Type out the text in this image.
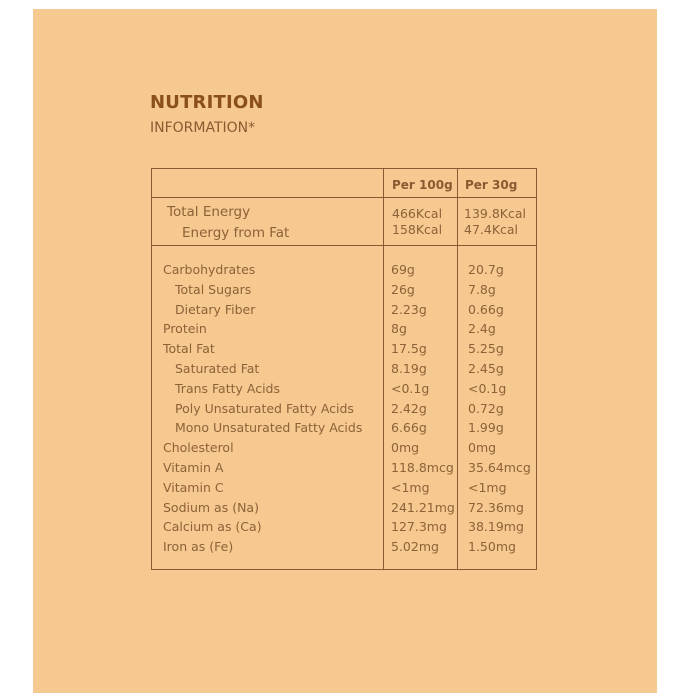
NUTRITION
INFORMATION*
Per 100g Per 30g
Total Energy	466Kcal 139.8Kcal
Energy from Fat	158Kcal 47.4Kcal
Carbohydrates	69g	20.7g
Total Sugars	26g	7.8g
Dietary Fiber	2.23g	0.66g
Protein	8g	2.4g
Total Fat	17.5g	5.25g
Saturated Fat	8.19g	2.45g
Trans Fatty Acids	<0.1g	<0.1g
Poly Unsaturated Fatty Acids	2.42g	0.72g
Mono Unsaturated Fatty Acids 6.66g	1.99g
Cholesterol	0mg	0mg
Vitamin A	118.8mcg 35.64mcg
Vitamin C	<1mg	<1mg
Sodium as (Na)	241.21mg 72.36mg
Calcium as (Ca)	127.3mg 38.19mg
Iron as (Fe)	5.02mg 1.50mg
